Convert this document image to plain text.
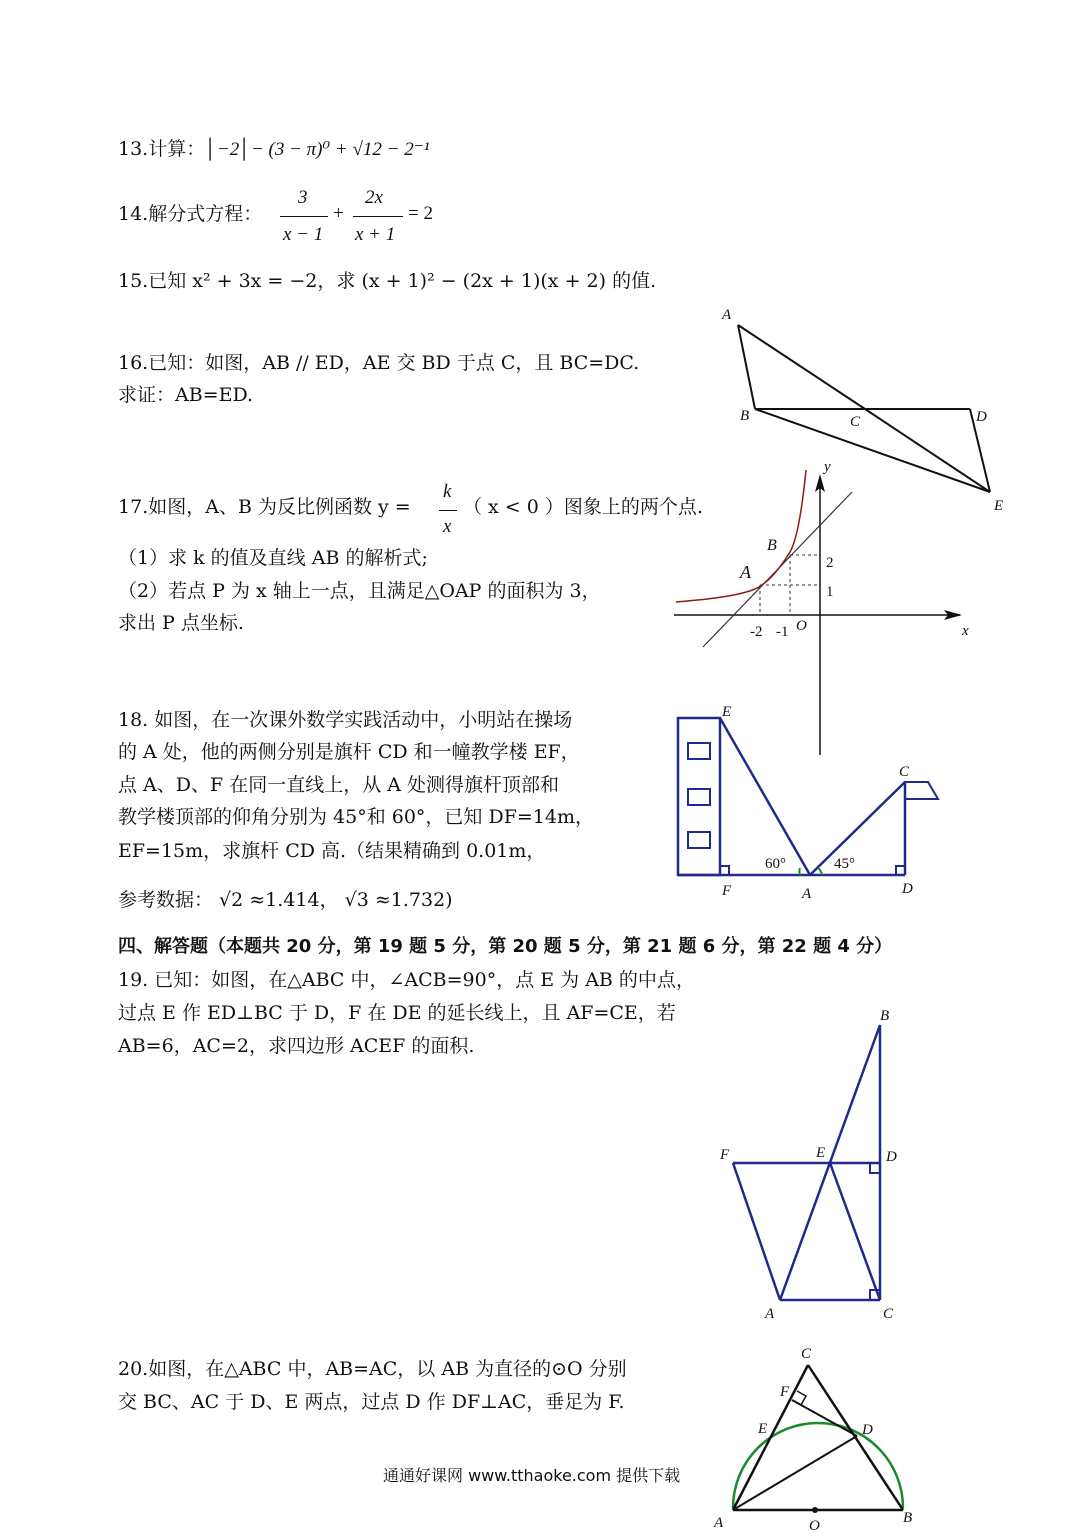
13.计算：│−2│− (3 − π)⁰ + √12 − 2⁻¹
14.解分式方程：
3
x − 1
+
2x
x + 1
= 2
15.已知 x² + 3x = −2，求 (x + 1)² − (2x + 1)(x + 2) 的值.
16.已知：如图，AB // ED，AE 交 BD 于点 C，且 BC=DC.
求证：AB=ED.
17.如图，A、B 为反比例函数 y =
k
x
（ x < 0 ）图象上的两个点.
（1）求 k 的值及直线 AB 的解析式;
（2）若点 P 为 x 轴上一点，且满足△OAP 的面积为 3，
求出 P 点坐标.
18. 如图，在一次课外数学实践活动中，小明站在操场
的 A 处，他的两侧分别是旗杆 CD 和一幢教学楼 EF，
点 A、D、F 在同一直线上，从 A 处测得旗杆顶部和
教学楼顶部的仰角分别为 45°和 60°，已知 DF=14m，
EF=15m，求旗杆 CD 高.（结果精确到 0.01m，
参考数据： √2 ≈1.414， √3 ≈1.732)
四、解答题（本题共 20 分，第 19 题 5 分，第 20 题 5 分，第 21 题 6 分，第 22 题 4 分）
19. 已知：如图，在△ABC 中，∠ACB=90°，点 E 为 AB 的中点，
过点 E 作 ED⊥BC 于 D，F 在 DE 的延长线上，且 AF=CE，若
AB=6，AC=2，求四边形 ACEF 的面积.
20.如图，在△ABC 中，AB=AC，以 AB 为直径的⊙O 分别
交 BC、AC 于 D、E 两点，过点 D 作 DF⊥AC，垂足为 F.
通通好课网 www.tthaoke.com 提供下载
A
B	C	D
E
y
x
O
A
B
2
1
-2 -1
E
F	A	D
C
60°	45°
B
F	E	D
A	C
C
F
E	D
A	O	B
